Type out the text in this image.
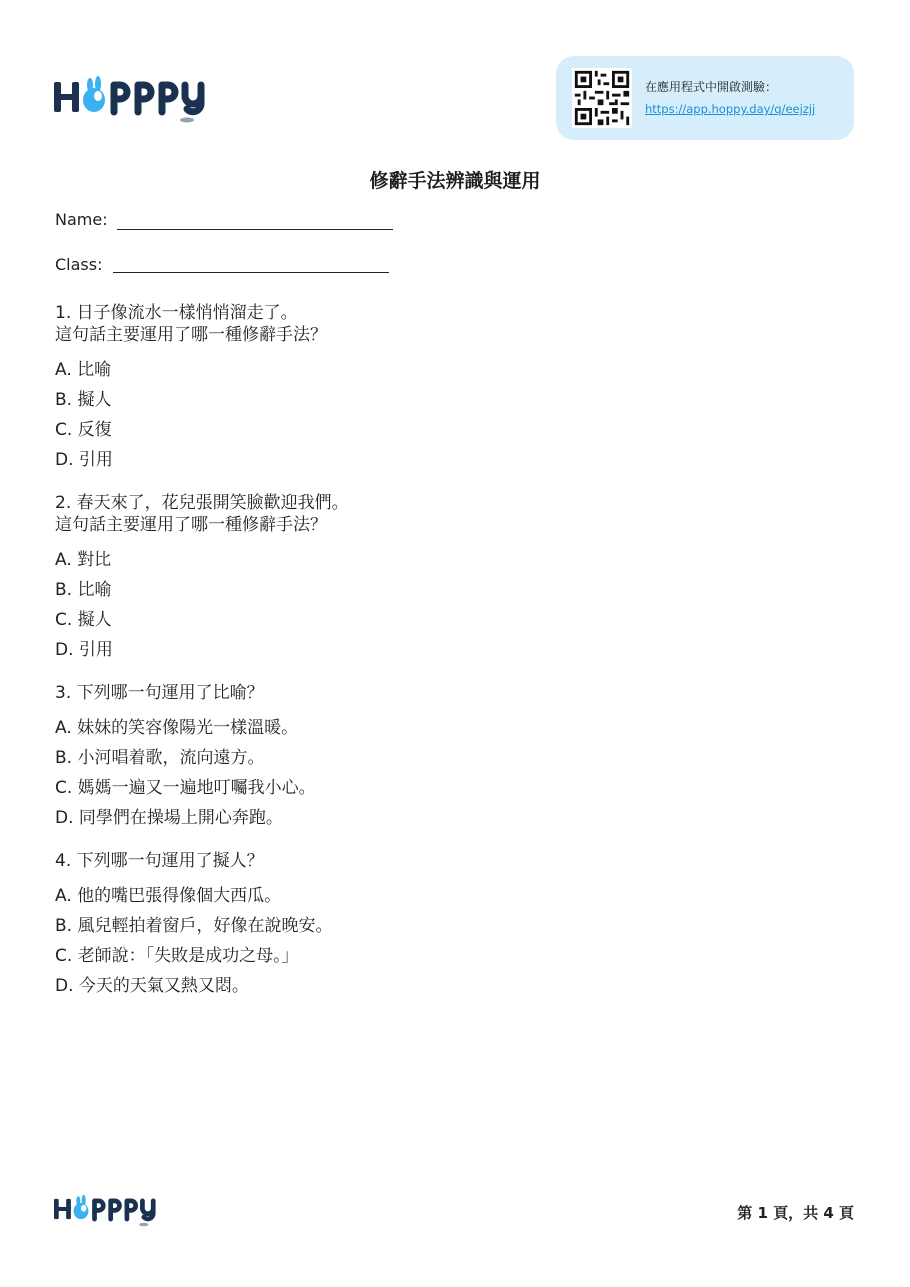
在應用程式中開啟測驗：
https://app.hoppy.day/q/eejzjj
修辭手法辨識與運用
Name:
Class:
1. 日子像流水一樣悄悄溜走了。
這句話主要運用了哪一種修辭手法？
A. 比喻
B. 擬人
C. 反復
D. 引用
2. 春天來了，花兒張開笑臉歡迎我們。
這句話主要運用了哪一種修辭手法？
A. 對比
B. 比喻
C. 擬人
D. 引用
3. 下列哪一句運用了比喻？
A. 妹妹的笑容像陽光一樣溫暖。
B. 小河唱着歌，流向遠方。
C. 媽媽一遍又一遍地叮囑我小心。
D. 同學們在操場上開心奔跑。
4. 下列哪一句運用了擬人？
A. 他的嘴巴張得像個大西瓜。
B. 風兒輕拍着窗戶，好像在說晚安。
C. 老師說：「失敗是成功之母。」
D. 今天的天氣又熱又悶。
第 1 頁，共 4 頁
